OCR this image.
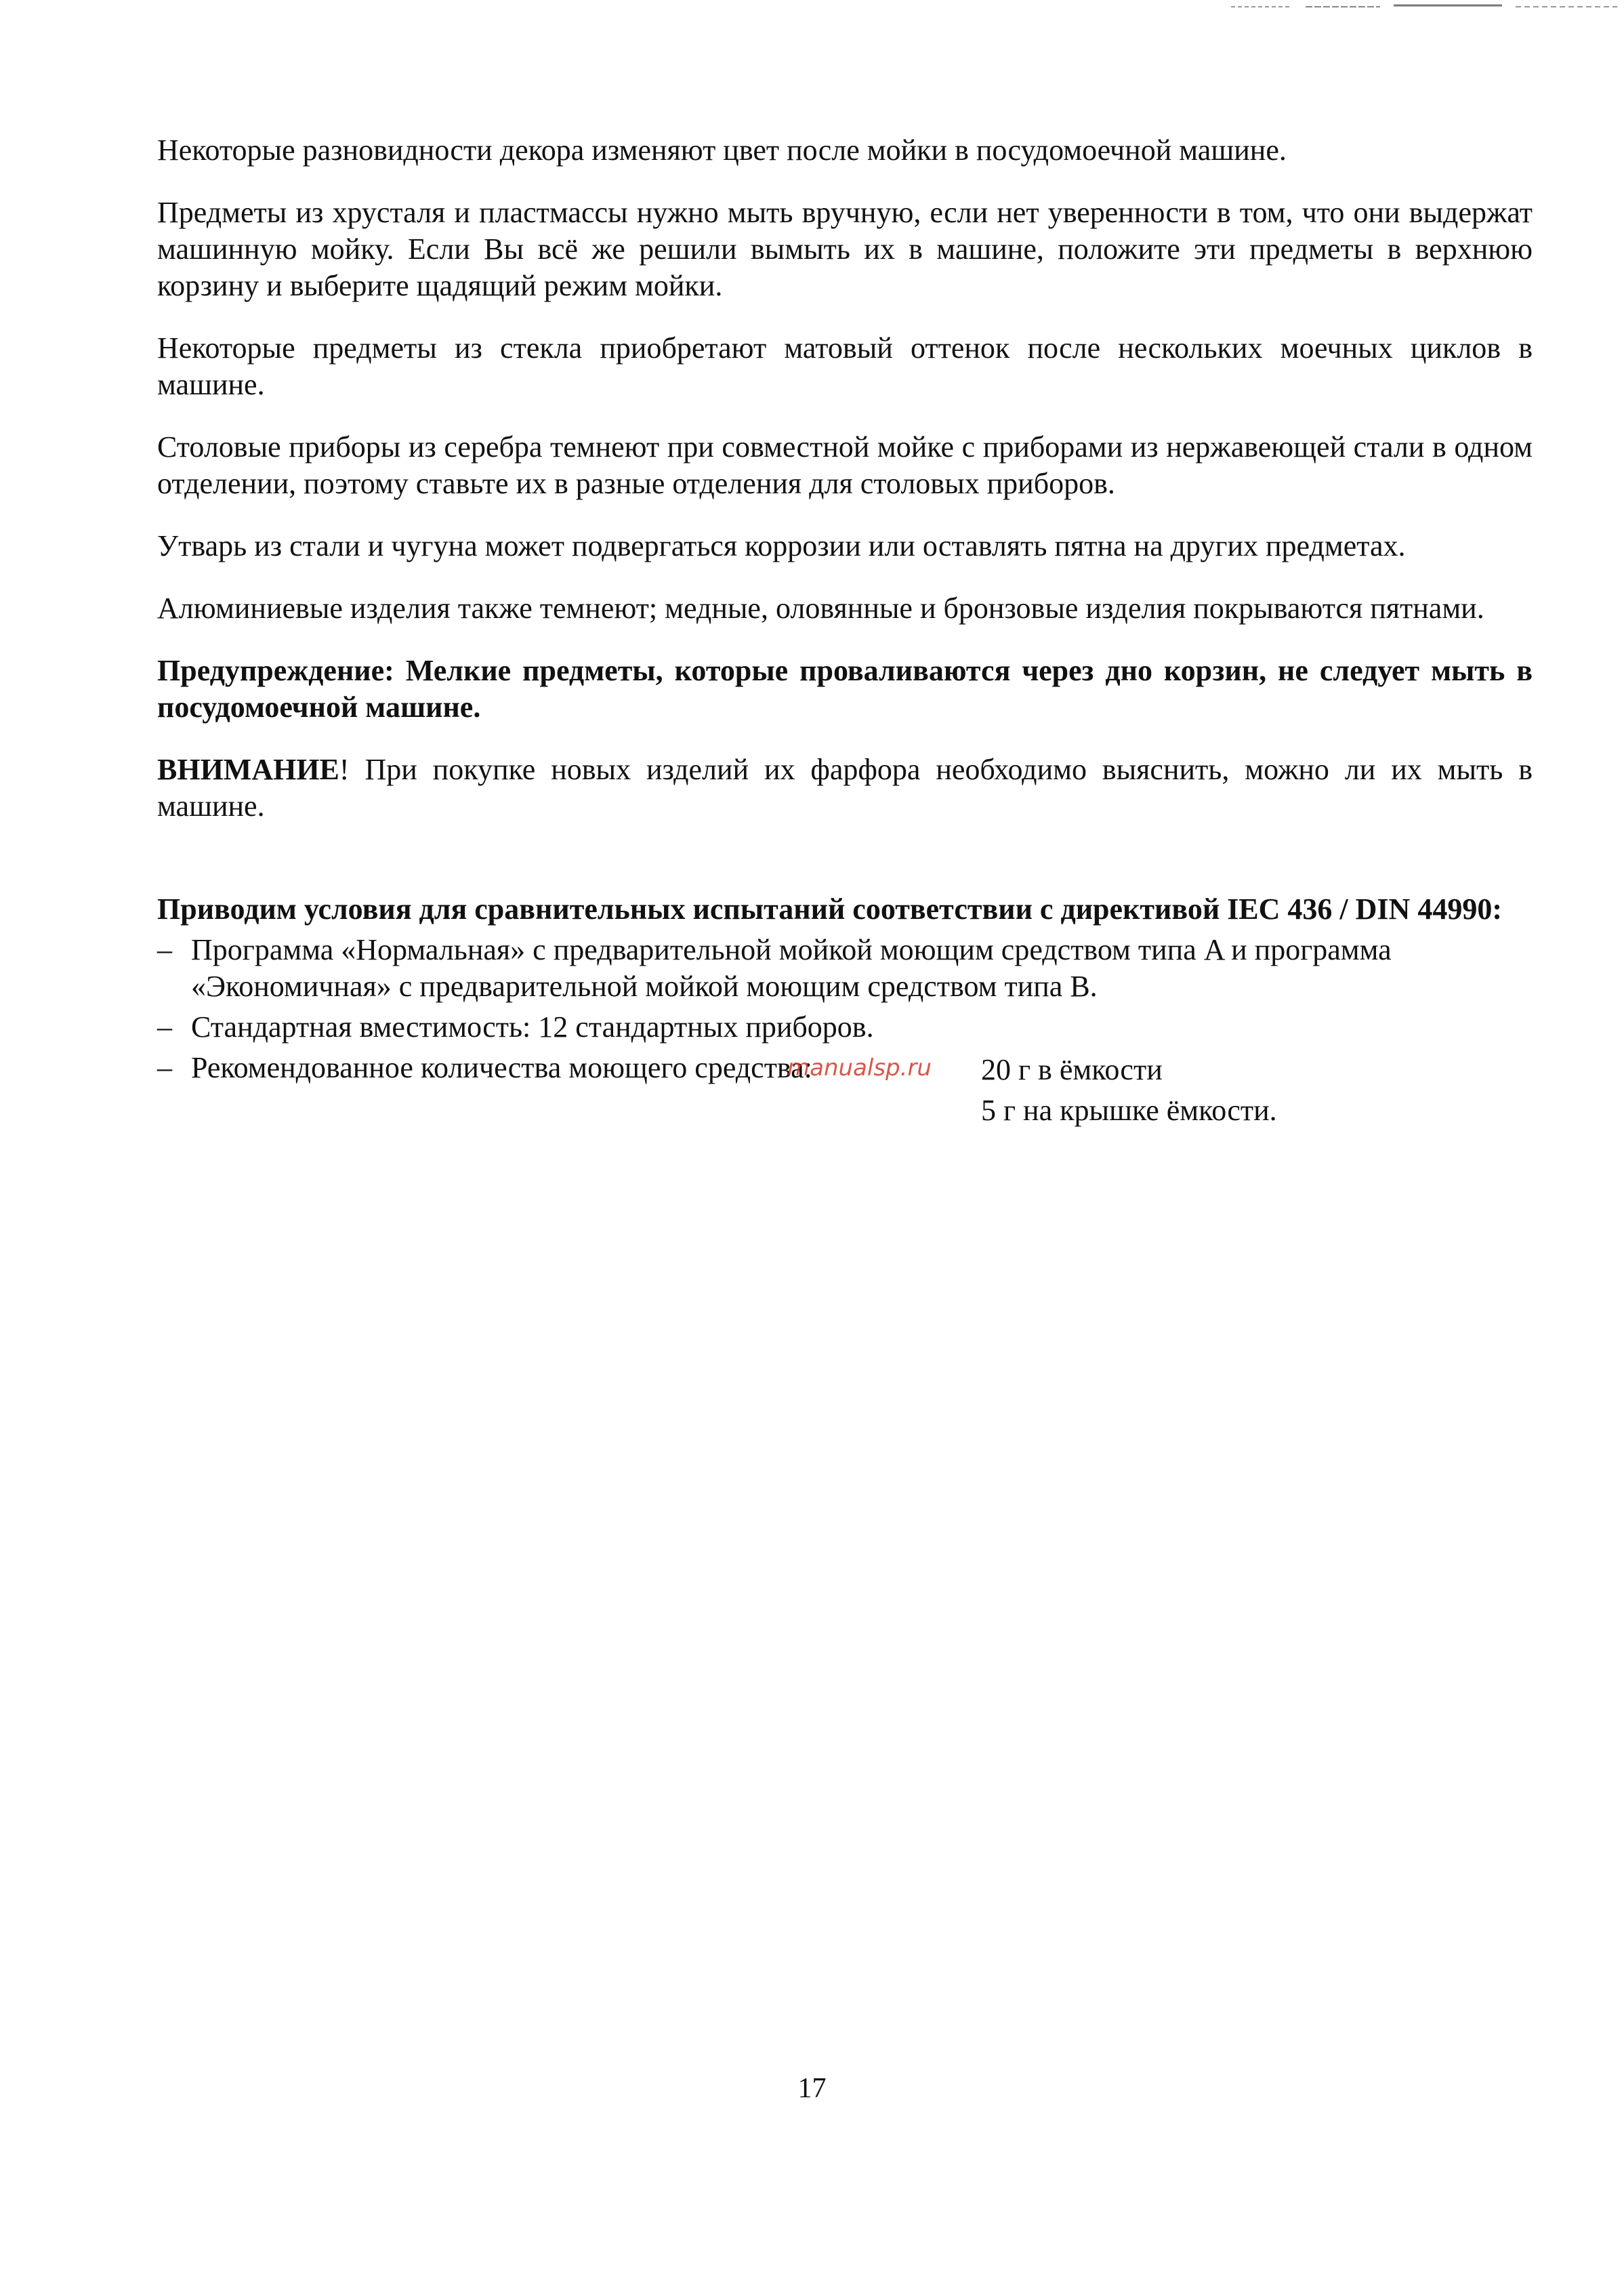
Некоторые разновидности декора изменяют цвет после мойки в посудомоечной машине.

Предметы из хрусталя и пластмассы нужно мыть вручную, если нет уверенности в том, что они выдержат машинную мойку. Если Вы всё же решили вымыть их в машине, положите эти предметы в верхнюю корзину и выберите щадящий режим мойки.

Некоторые предметы из стекла приобретают матовый оттенок после нескольких моечных циклов в машине.

Столовые приборы из серебра темнеют при совместной мойке с приборами из нержавеющей стали в одном отделении, поэтому ставьте их в разные отделения для столовых приборов.

Утварь из стали и чугуна может подвергаться коррозии или оставлять пятна на других предметах.

Алюминиевые изделия также темнеют; медные, оловянные и бронзовые изделия покрываются пятнами.

Предупреждение: Мелкие предметы, которые проваливаются через дно корзин, не следует мыть в посудомоечной машине.

ВНИМАНИЕ! При покупке новых изделий их фарфора необходимо выяснить, можно ли их мыть в машине.

Приводим условия для сравнительных испытаний соответствии с директивой IEC 436 / DIN 44990:
– Программа «Нормальная» с предварительной мойкой моющим средством типа A и программа «Экономичная» с предварительной мойкой моющим средством типа B.
– Стандартная вместимость: 12 стандартных приборов.
– Рекомендованное количества моющего средства:
manualsp.ru 20 г в ёмкости
5 г на крышке ёмкости.
17
